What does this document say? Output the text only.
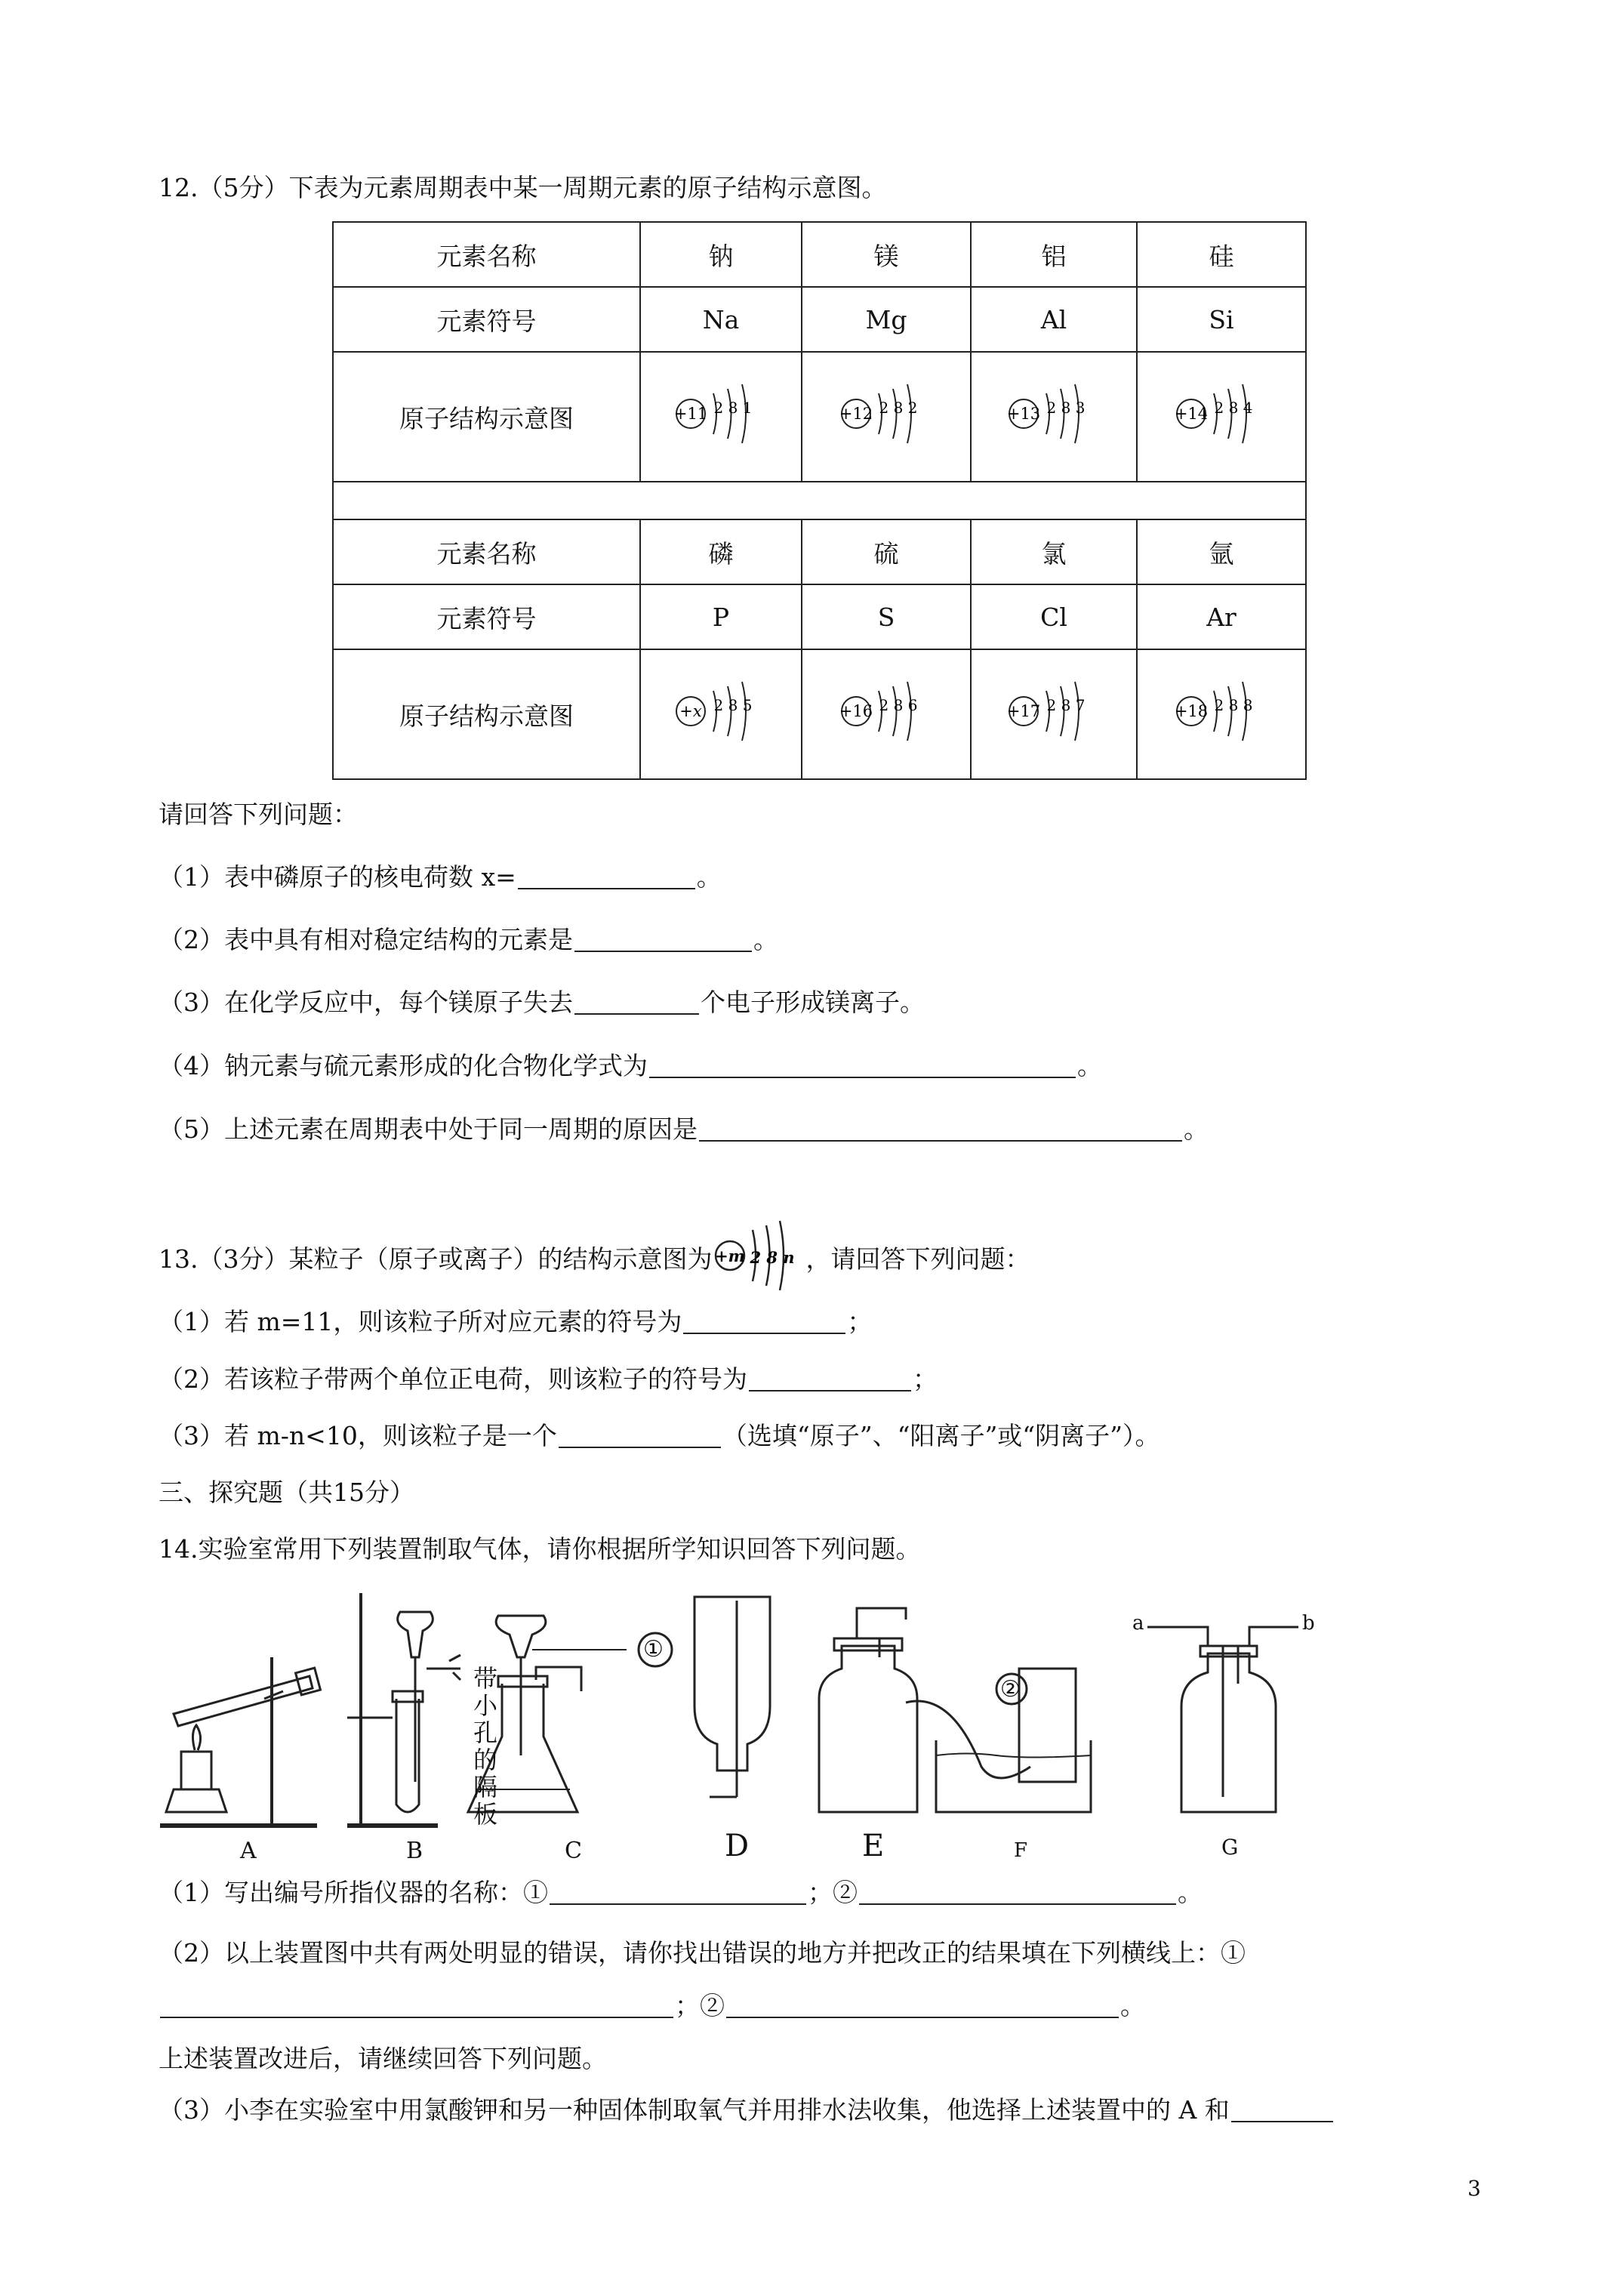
12.（5分）下表为元素周期表中某一周期元素的原子结构示意图。
元素名称	钠	镁	铝	硅
元素符号	Na	Mg	Al	Si
原子结构示意图	+11 2 8 1	+12 2 8 2	+13 2 8 3	+14 2 8 4

元素名称	磷	硫	氯	氩
元素符号	P	S	Cl	Ar
原子结构示意图	+x 2 8 5	+16 2 8 6	+17 2 8 7	+18 2 8 8
请回答下列问题：
（1）表中磷原子的核电荷数 x=	。
（2）表中具有相对稳定结构的元素是	。
（3）在化学反应中，每个镁原子失去	个电子形成镁离子。
（4）钠元素与硫元素形成的化合物化学式为	。
（5）上述元素在周期表中处于同一周期的原因是	。
13.（3分）某粒子（原子或离子）的结构示意图为 +m 2 8 n ，请回答下列问题：
（1）若 m=11，则该粒子所对应元素的符号为	；
（2）若该粒子带两个单位正电荷，则该粒子的符号为	；
（3）若 m-n<10，则该粒子是一个	（选填“原子”、“阳离子”或“阴离子”）。
三、探究题（共15分）
14.实验室常用下列装置制取气体，请你根据所学知识回答下列问题。
①
②
a	b
带
小
孔
的
隔
板
A	B	C	D	E	F	G
（1）写出编号所指仪器的名称：①	；②	。
（2）以上装置图中共有两处明显的错误，请你找出错误的地方并把改正的结果填在下列横线上：①
；②	。
上述装置改进后，请继续回答下列问题。
（3）小李在实验室中用氯酸钾和另一种固体制取氧气并用排水法收集，他选择上述装置中的 A 和
3
